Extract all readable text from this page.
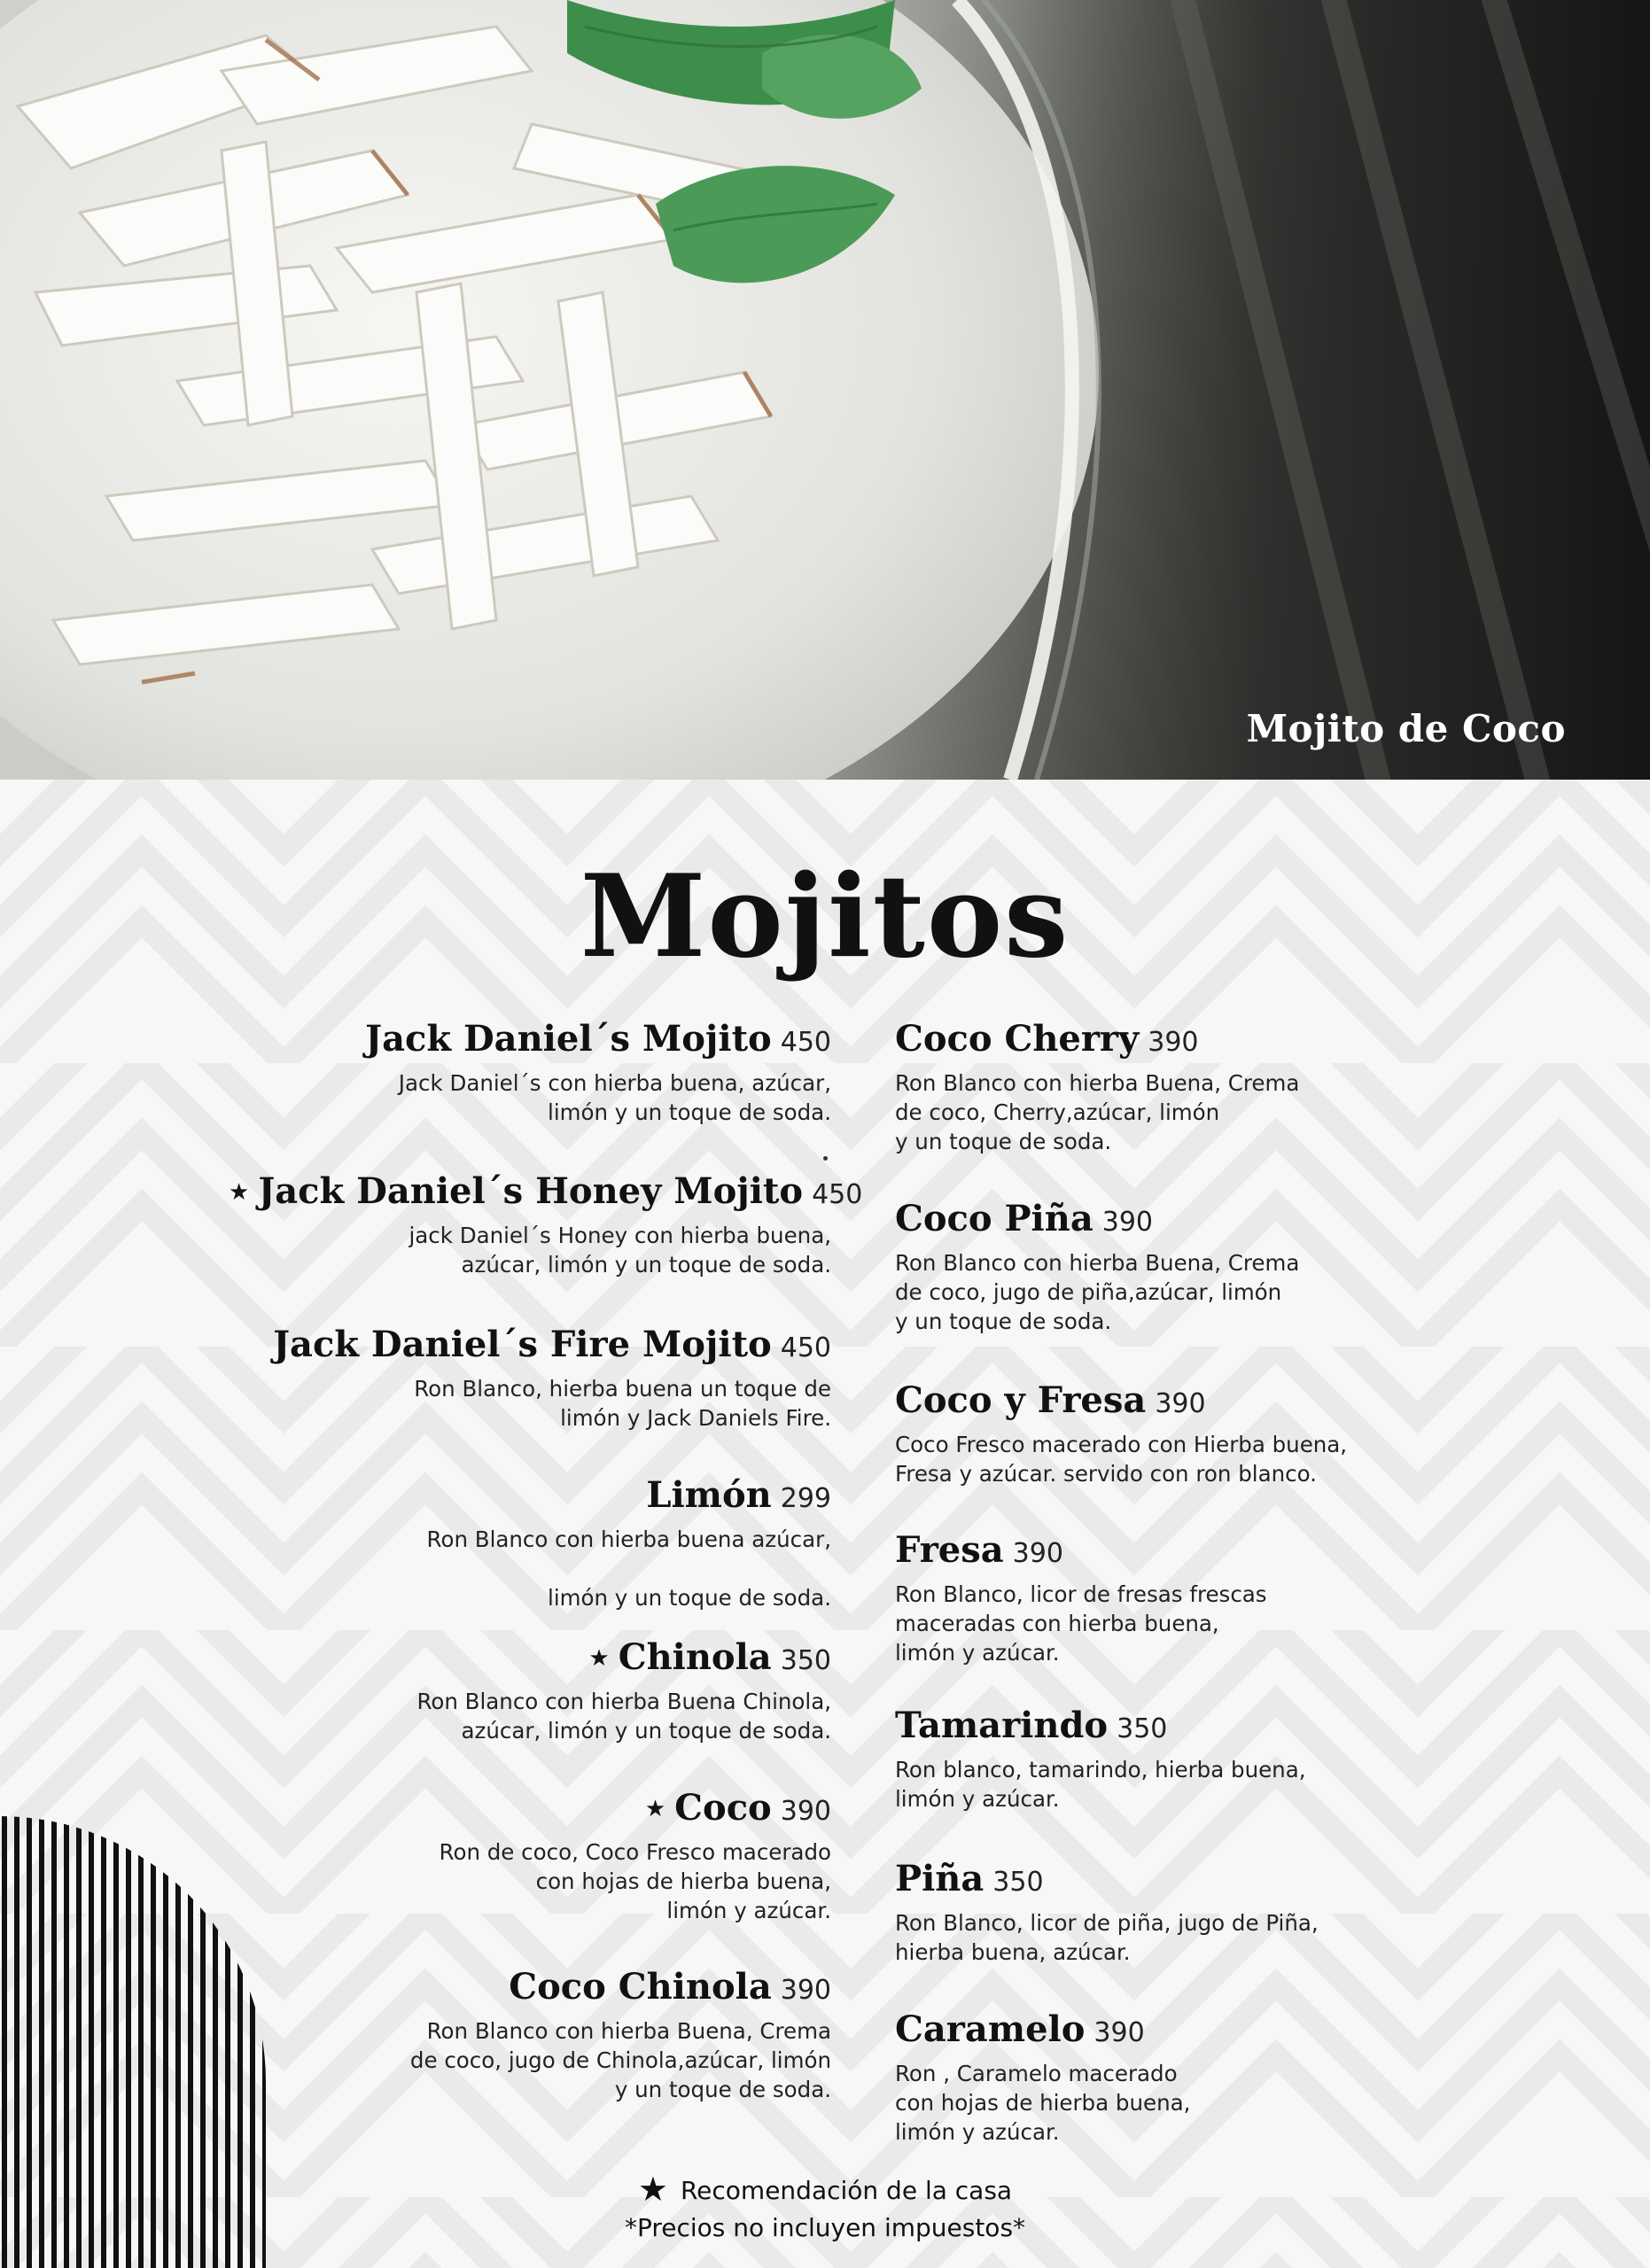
Mojito de Coco
Mojitos
Jack Daniel´s Mojito 450
Jack Daniel´s con hierba buena, azúcar,
limón y un toque de soda.
★ Jack Daniel´s Honey Mojito 450
jack Daniel´s Honey con hierba buena,
azúcar, limón y un toque de soda.
Jack Daniel´s Fire Mojito 450
Ron Blanco, hierba buena un toque de
limón y Jack Daniels Fire.
Limón 299
Ron Blanco con hierba buena azúcar,

limón y un toque de soda.
★ Chinola 350
Ron Blanco con hierba Buena Chinola,
azúcar, limón y un toque de soda.
★ Coco 390
Ron de coco, Coco Fresco macerado
con hojas de hierba buena,
limón y azúcar.
Coco Chinola 390
Ron Blanco con hierba Buena, Crema
de coco, jugo de Chinola,azúcar, limón
y un toque de soda.
Coco Cherry 390
Ron Blanco con hierba Buena, Crema
de coco, Cherry,azúcar, limón
y un toque de soda.
Coco Piña 390
Ron Blanco con hierba Buena, Crema
de coco, jugo de piña,azúcar, limón
y un toque de soda.
Coco y Fresa 390
Coco Fresco macerado con Hierba buena,
Fresa y azúcar. servido con ron blanco.
Fresa 390
Ron Blanco, licor de fresas frescas
maceradas con hierba buena,
limón y azúcar.
Tamarindo 350
Ron blanco, tamarindo, hierba buena,
limón y azúcar.
Piña 350
Ron Blanco, licor de piña, jugo de Piña,
hierba buena, azúcar.
Caramelo 390
Ron , Caramelo macerado
con hojas de hierba buena,
limón y azúcar.
★ Recomendación de la casa
*Precios no incluyen impuestos*
